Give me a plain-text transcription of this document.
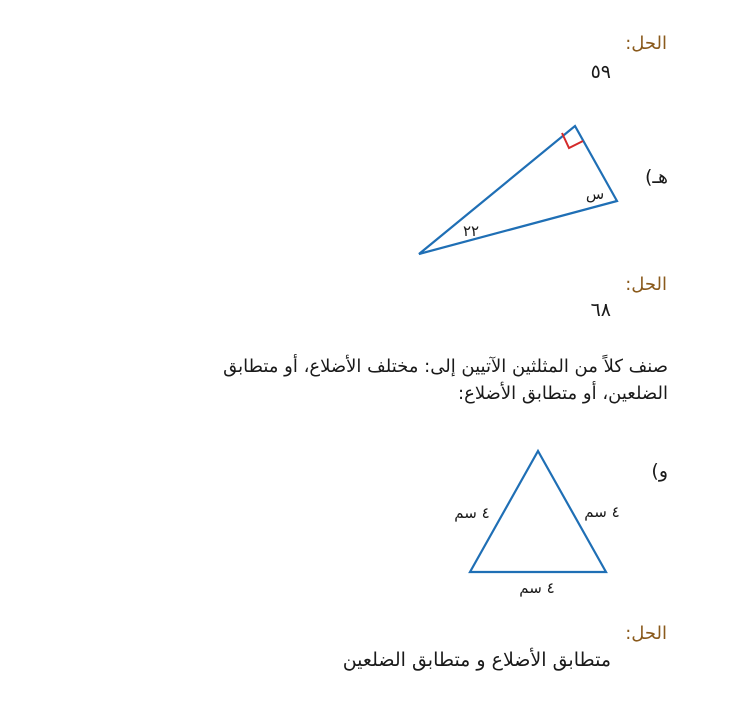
الحل:
٥٩
هـ)
س
٢٢
٤ سم	٤ سم
٤ سم
الحل:
٦٨
صنف كلاً من المثلثين الآتيين إلى: مختلف الأضلاع، أو متطابق
الضلعين، أو متطابق الأضلاع:
و)
الحل:
متطابق الأضلاع و متطابق الضلعين
